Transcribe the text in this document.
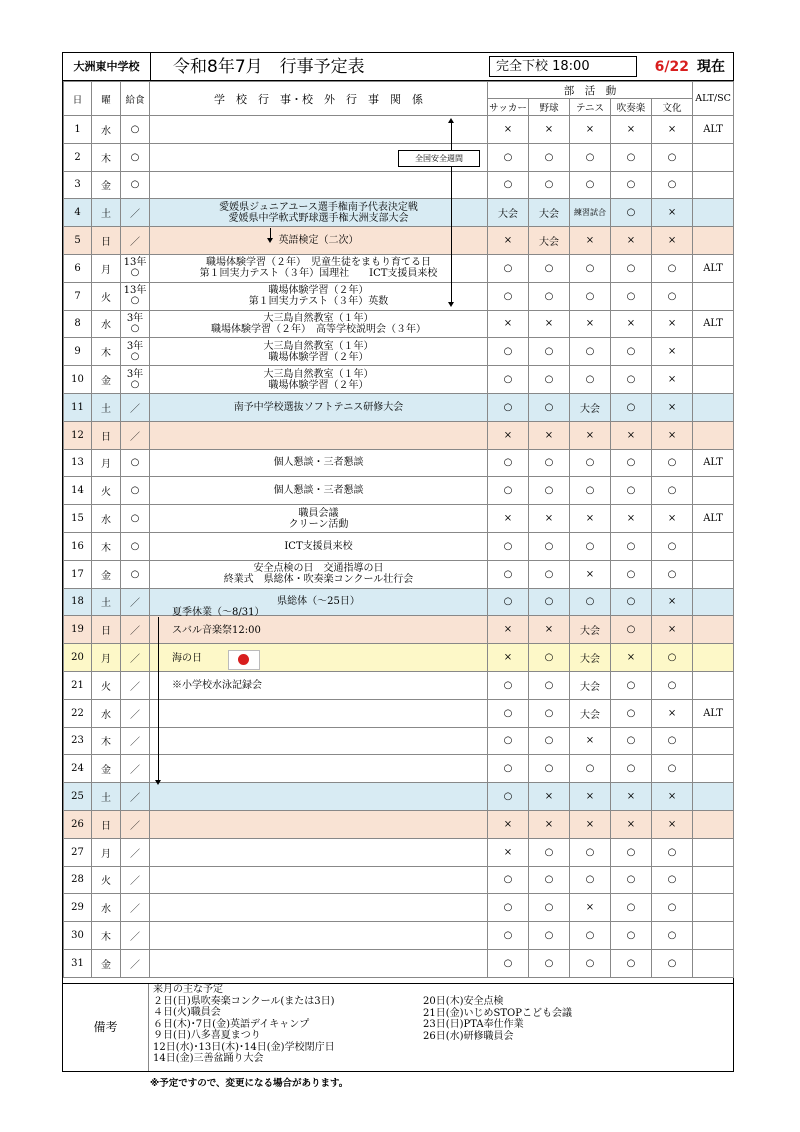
大洲東中学校	令和8年7月　行事予定表	完全下校 18:00	6/22 現在
日	曜	給食	学　校　行　事・校　外　行　事　関　係	部　活　動					ALT/SC
				サッカー	野球	テニス	吹奏楽	文化	
1	水	○		×	×	×	×	×	ALT
2	木	○		○	○	○	○	○	
3	金	○		○	○	○	○	○	
4	土	／	愛媛県ジュニアユース選手権南予代表決定戦
愛媛県中学軟式野球選手権大洲支部大会	大会	大会	練習試合	○	×	
5	日	／	英語検定（二次）	×	大会	×	×	×	
6	月	13年 ○	職場体験学習（２年）　児童生徒をまもり育てる日
第１回実力テスト（３年）国理社　　ICT支援員来校	○	○	○	○	○	ALT
7	火	13年 ○	職場体験学習（２年）
第１回実力テスト（３年）英数	○	○	○	○	○	
8	水	3年 ○	大三島自然教室（１年）
職場体験学習（２年）　高等学校説明会（３年）	×	×	×	×	×	ALT
9	木	3年 ○	大三島自然教室（１年）
職場体験学習（２年）	○	○	○	○	×	
10	金	3年 ○	大三島自然教室（１年）
職場体験学習（２年）	○	○	○	○	×	
11	土	／	南予中学校選抜ソフトテニス研修大会	○	○	大会	○	×	
12	日	／		×	×	×	×	×	
13	月	○	個人懇談・三者懇談	○	○	○	○	○	ALT
14	火	○	個人懇談・三者懇談	○	○	○	○	○	
15	水	○	職員会議
クリーン活動	×	×	×	×	×	ALT
16	木	○	ICT支援員来校	○	○	○	○	○	
17	金	○	安全点検の日　交通指導の日
終業式　県総体・吹奏楽コンクール壮行会	○	○	×	○	○	
18	土	／	県総体（～25日）	○	○	○	○	×	
19	日	／		×	×	大会	○	×	
20	月	／		×	○	大会	×	○	
21	火	／		○	○	大会	○	○	
22	水	／		○	○	大会	○	×	ALT
23	木	／		○	○	×	○	○	
24	金	／		○	○	○	○	○	
25	土	／		○	×	×	×	×	
26	日	／		×	×	×	×	×	
27	月	／		×	○	○	○	○	
28	火	／		○	○	○	○	○	
29	水	／		○	○	×	○	○	
30	木	／		○	○	○	○	○	
31	金	／		○	○	○	○	○	
備考
来月の主な予定
２日(日)県吹奏楽コンクール(または3日)
４日(火)職員会
６日(木)･7日(金)英語デイキャンプ
９日(日)八多喜夏まつり
12日(水)･13日(木)･14日(金)学校閉庁日
14日(金)三善盆踊り大会
20日(木)安全点検
21日(金)いじめSTOPこども会議
23日(日)PTA奉仕作業
26日(水)研修職員会
全国安全週間
夏季休業（～8/31）
スバル音楽祭12:00
海の日
※小学校水泳記録会
※予定ですので、変更になる場合があります。
